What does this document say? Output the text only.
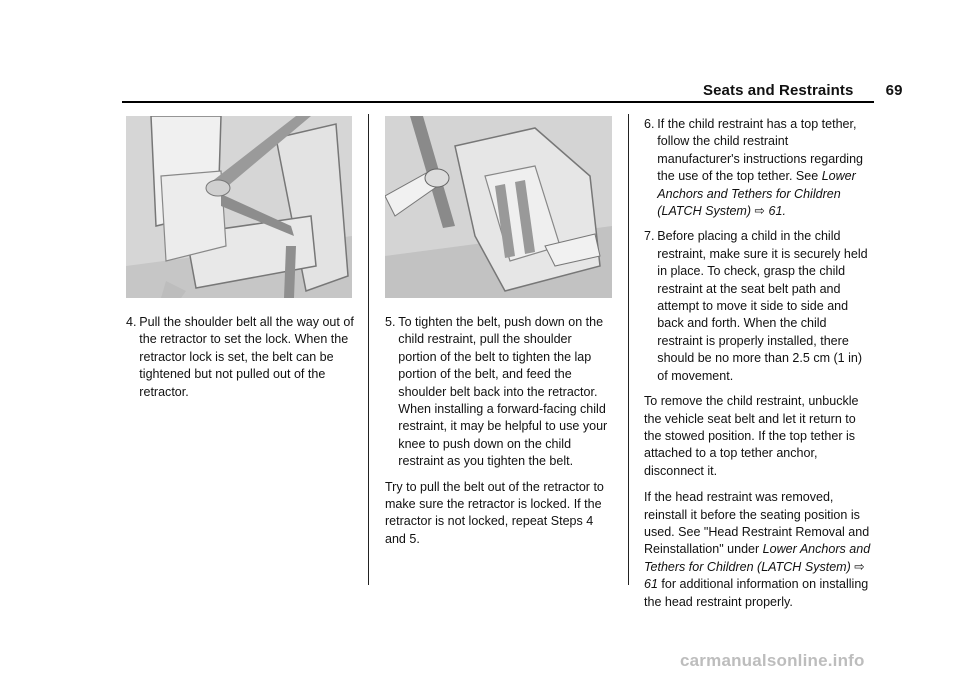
Seats and Restraints 69
4. Pull the shoulder belt all the way out of the retractor to set the lock. When the retractor lock is set, the belt can be tightened but not pulled out of the retractor.
5. To tighten the belt, push down on the child restraint, pull the shoulder portion of the belt to tighten the lap portion of the belt, and feed the shoulder belt back into the retractor. When installing a forward-facing child restraint, it may be helpful to use your knee to push down on the child restraint as you tighten the belt.

Try to pull the belt out of the retractor to make sure the retractor is locked. If the retractor is not locked, repeat Steps 4 and 5.

6. If the child restraint has a top tether, follow the child restraint manufacturer's instructions regarding the use of the top tether. See Lower Anchors and Tethers for Children (LATCH System) ⇨ 61.
7. Before placing a child in the child restraint, make sure it is securely held in place. To check, grasp the child restraint at the seat belt path and attempt to move it side to side and back and forth. When the child restraint is properly installed, there should be no more than 2.5 cm (1 in) of movement.

To remove the child restraint, unbuckle the vehicle seat belt and let it return to the stowed position. If the top tether is attached to a top tether anchor, disconnect it.

If the head restraint was removed, reinstall it before the seating position is used. See "Head Restraint Removal and Reinstallation" under Lower Anchors and Tethers for Children (LATCH System) ⇨ 61 for additional information on installing the head restraint properly.

carmanualsonline.info
